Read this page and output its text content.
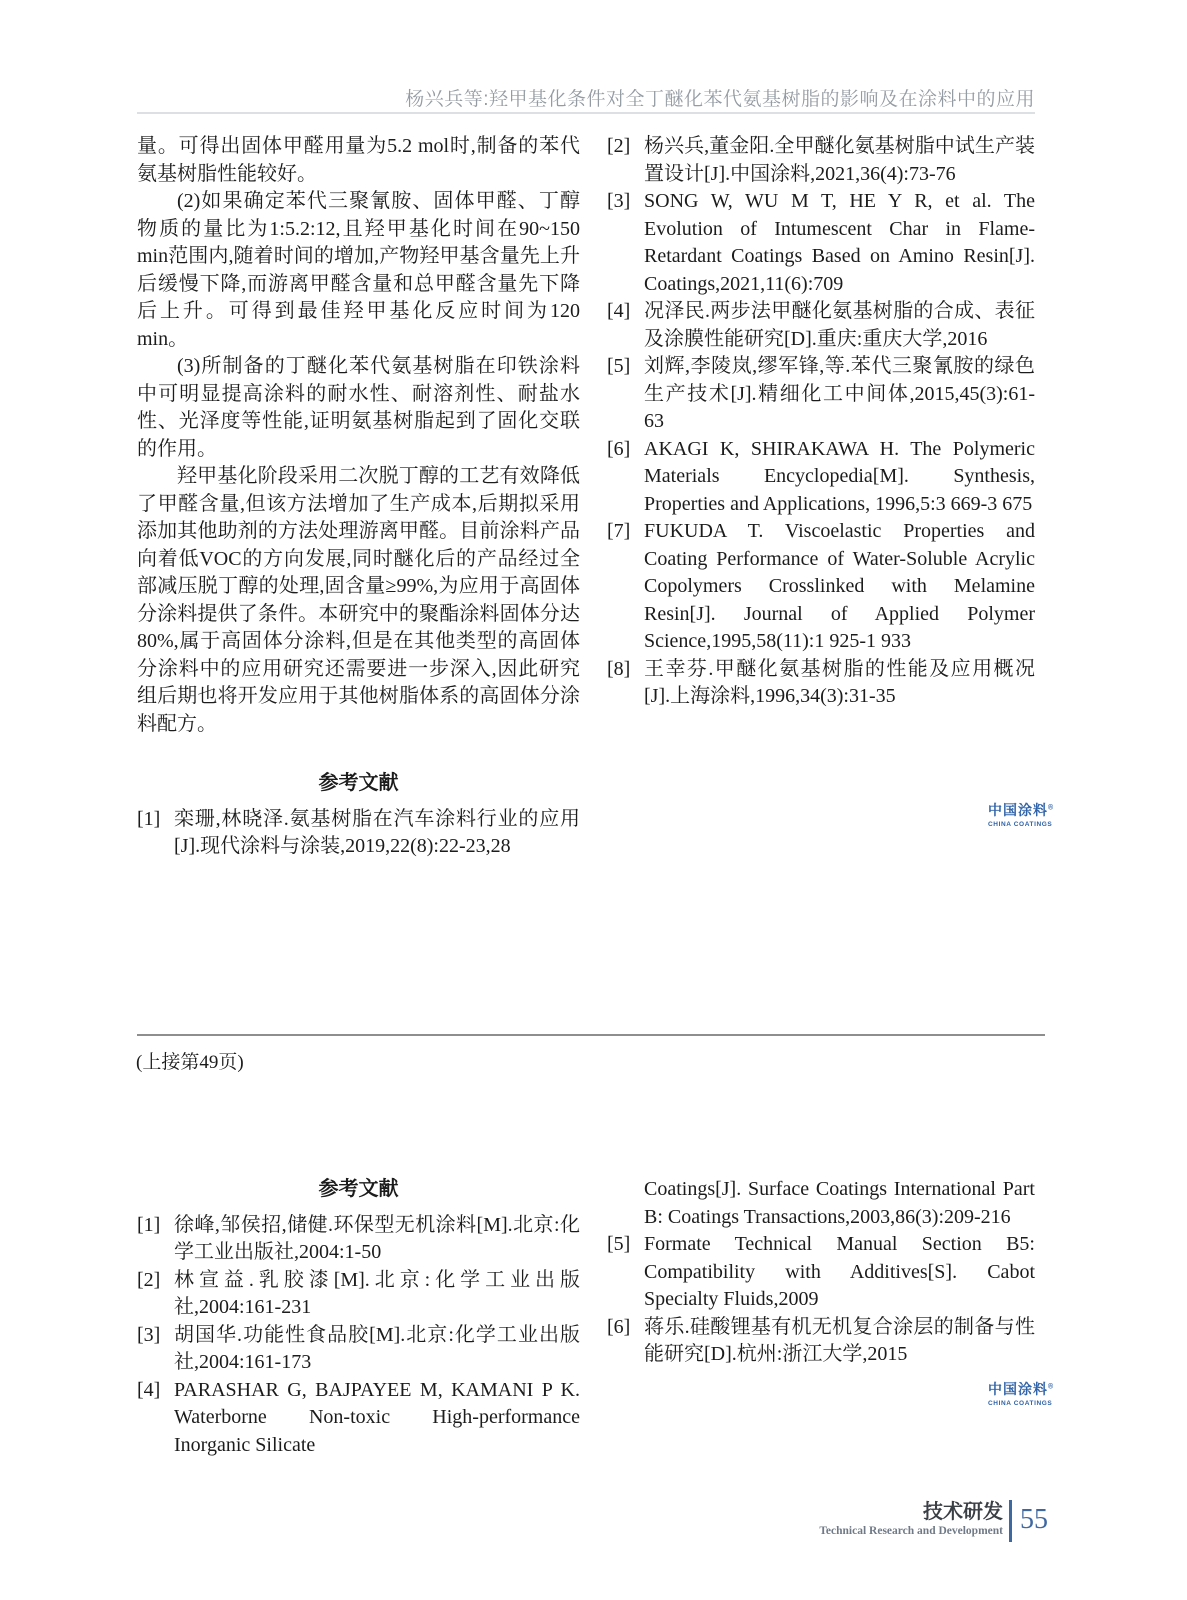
杨兴兵等:羟甲基化条件对全丁醚化苯代氨基树脂的影响及在涂料中的应用

量。可得出固体甲醛用量为5.2 mol时,制备的苯代氨基树脂性能较好。

(2)如果确定苯代三聚氰胺、固体甲醛、丁醇物质的量比为1:5.2:12,且羟甲基化时间在90~150 min范围内,随着时间的增加,产物羟甲基含量先上升后缓慢下降,而游离甲醛含量和总甲醛含量先下降后上升。可得到最佳羟甲基化反应时间为120 min。

(3)所制备的丁醚化苯代氨基树脂在印铁涂料中可明显提高涂料的耐水性、耐溶剂性、耐盐水性、光泽度等性能,证明氨基树脂起到了固化交联的作用。

羟甲基化阶段采用二次脱丁醇的工艺有效降低了甲醛含量,但该方法增加了生产成本,后期拟采用添加其他助剂的方法处理游离甲醛。目前涂料产品向着低VOC的方向发展,同时醚化后的产品经过全部减压脱丁醇的处理,固含量≥99%,为应用于高固体分涂料提供了条件。本研究中的聚酯涂料固体分达80%,属于高固体分涂料,但是在其他类型的高固体分涂料中的应用研究还需要进一步深入,因此研究组后期也将开发应用于其他树脂体系的高固体分涂料配方。

参考文献
[1] 栾珊,林晓泽.氨基树脂在汽车涂料行业的应用[J].现代涂料与涂装,2019,22(8):22-23,28
[2] 杨兴兵,董金阳.全甲醚化氨基树脂中试生产装置设计[J].中国涂料,2021,36(4):73-76
[3] SONG W, WU M T, HE Y R, et al. The Evolution of Intumescent Char in Flame-Retardant Coatings Based on Amino Resin[J]. Coatings,2021,11(6):709
[4] 况泽民.两步法甲醚化氨基树脂的合成、表征及涂膜性能研究[D].重庆:重庆大学,2016
[5] 刘辉,李陵岚,缪军锋,等.苯代三聚氰胺的绿色生产技术[J].精细化工中间体,2015,45(3):61-63
[6] AKAGI K, SHIRAKAWA H. The Polymeric Materials Encyclopedia[M]. Synthesis, Properties and Applications, 1996,5:3 669-3 675
[7] FUKUDA T. Viscoelastic Properties and Coating Performance of Water-Soluble Acrylic Copolymers Crosslinked with Melamine Resin[J]. Journal of Applied Polymer Science,1995,58(11):1 925-1 933
[8] 王幸芬.甲醚化氨基树脂的性能及应用概况[J].上海涂料,1996,34(3):31-35
中国涂料®
CHINA COATINGS
(上接第49页)
参考文献
[1] 徐峰,邹侯招,储健.环保型无机涂料[M].北京:化学工业出版社,2004:1-50
[2] 林宣益.乳胶漆[M].北京:化学工业出版社,2004:161-231
[3] 胡国华.功能性食品胶[M].北京:化学工业出版社,2004:161-173
[4] PARASHAR G, BAJPAYEE M, KAMANI P K. Waterborne Non-toxic High-performance Inorganic Silicate
Coatings[J]. Surface Coatings International Part B: Coatings Transactions,2003,86(3):209-216
[5] Formate Technical Manual Section B5: Compatibility with Additives[S]. Cabot Specialty Fluids,2009
[6] 蒋乐.硅酸锂基有机无机复合涂层的制备与性能研究[D].杭州:浙江大学,2015
中国涂料®
CHINA COATINGS
技术研发
Technical Research and Development 55
